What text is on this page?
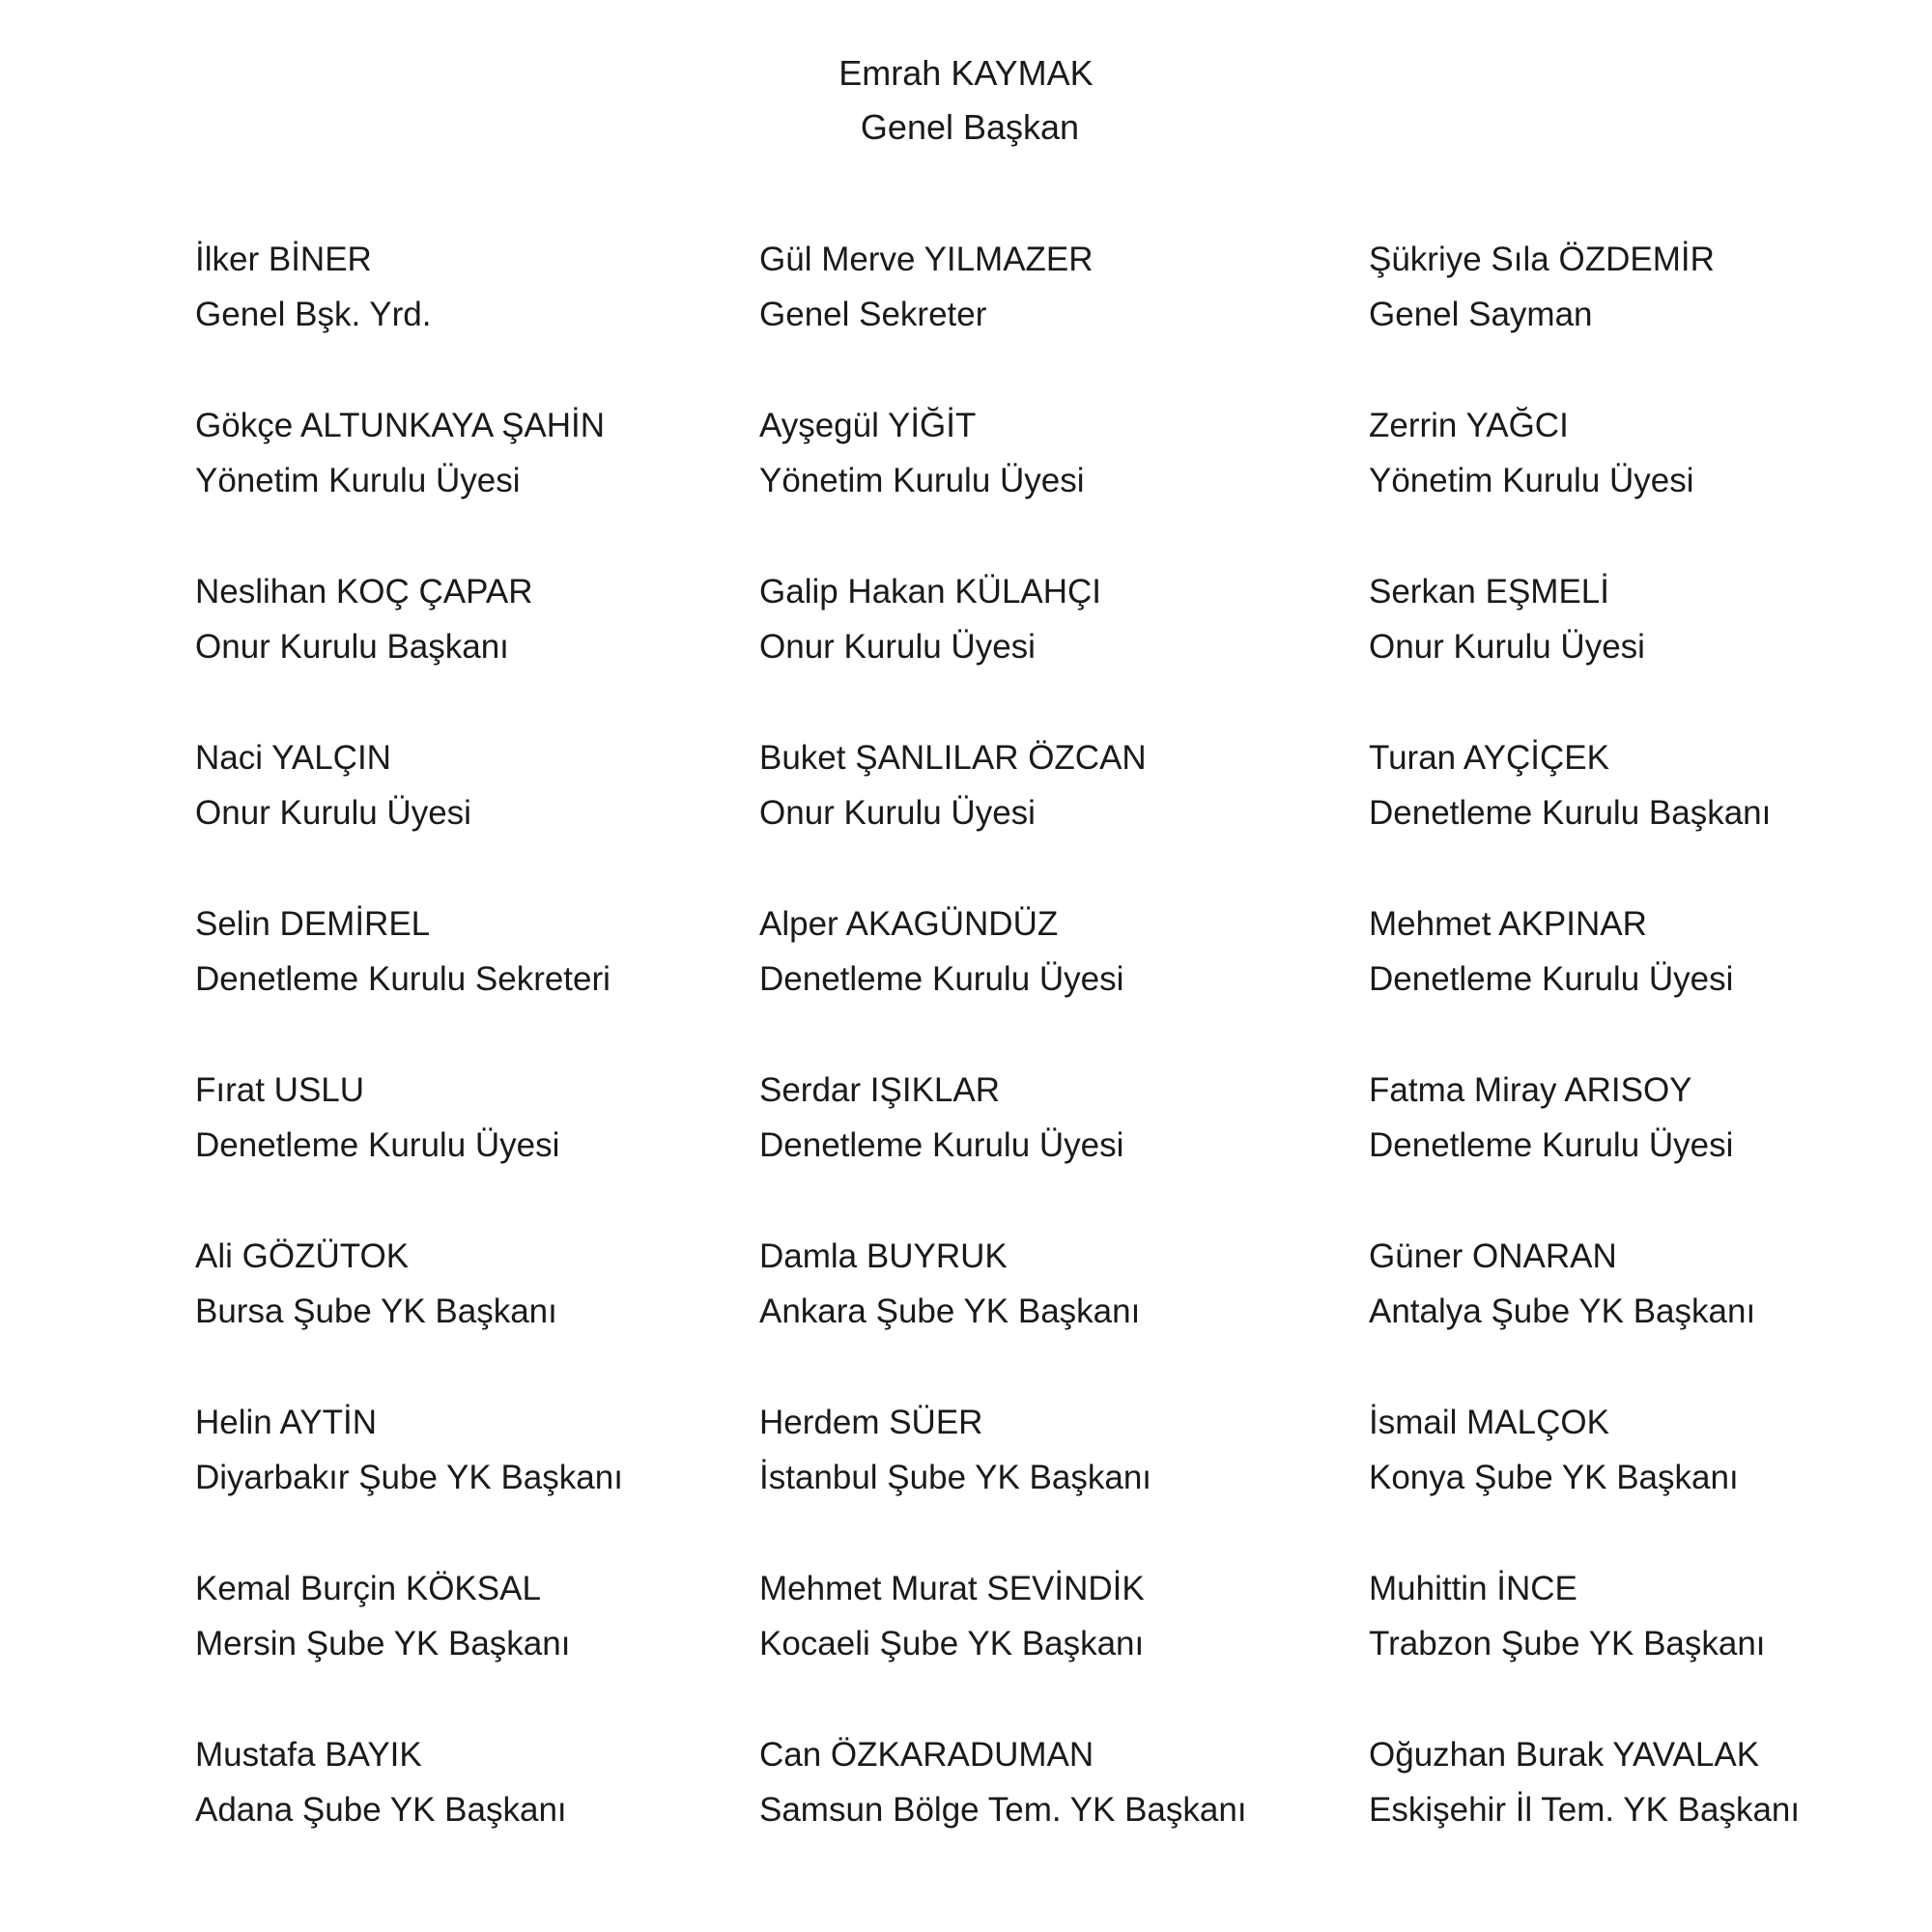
Emrah KAYMAK
Genel Başkan
İlker BİNER
Genel Bşk. Yrd.
Gül Merve YILMAZER
Genel Sekreter
Şükriye Sıla ÖZDEMİR
Genel Sayman
Gökçe ALTUNKAYA ŞAHİN
Yönetim Kurulu Üyesi
Ayşegül YİĞİT
Yönetim Kurulu Üyesi
Zerrin YAĞCI
Yönetim Kurulu Üyesi
Neslihan KOÇ ÇAPAR
Onur Kurulu Başkanı
Galip Hakan KÜLAHÇI
Onur Kurulu Üyesi
Serkan EŞMELİ
Onur Kurulu Üyesi
Naci YALÇIN
Onur Kurulu Üyesi
Buket ŞANLILAR ÖZCAN
Onur Kurulu Üyesi
Turan AYÇİÇEK
Denetleme Kurulu Başkanı
Selin DEMİREL
Denetleme Kurulu Sekreteri
Alper AKAGÜNDÜZ
Denetleme Kurulu Üyesi
Mehmet AKPINAR
Denetleme Kurulu Üyesi
Fırat USLU
Denetleme Kurulu Üyesi
Serdar IŞIKLAR
Denetleme Kurulu Üyesi
Fatma Miray ARISOY
Denetleme Kurulu Üyesi
Ali GÖZÜTOK
Bursa Şube YK Başkanı
Damla BUYRUK
Ankara Şube YK Başkanı
Güner ONARAN
Antalya Şube YK Başkanı
Helin AYTİN
Diyarbakır Şube YK Başkanı
Herdem SÜER
İstanbul Şube YK Başkanı
İsmail MALÇOK
Konya Şube YK Başkanı
Kemal Burçin KÖKSAL
Mersin Şube YK Başkanı
Mehmet Murat SEVİNDİK
Kocaeli Şube YK Başkanı
Muhittin İNCE
Trabzon Şube YK Başkanı
Mustafa BAYIK
Adana Şube YK Başkanı
Can ÖZKARADUMAN
Samsun Bölge Tem. YK Başkanı
Oğuzhan Burak YAVALAK
Eskişehir İl Tem. YK Başkanı
